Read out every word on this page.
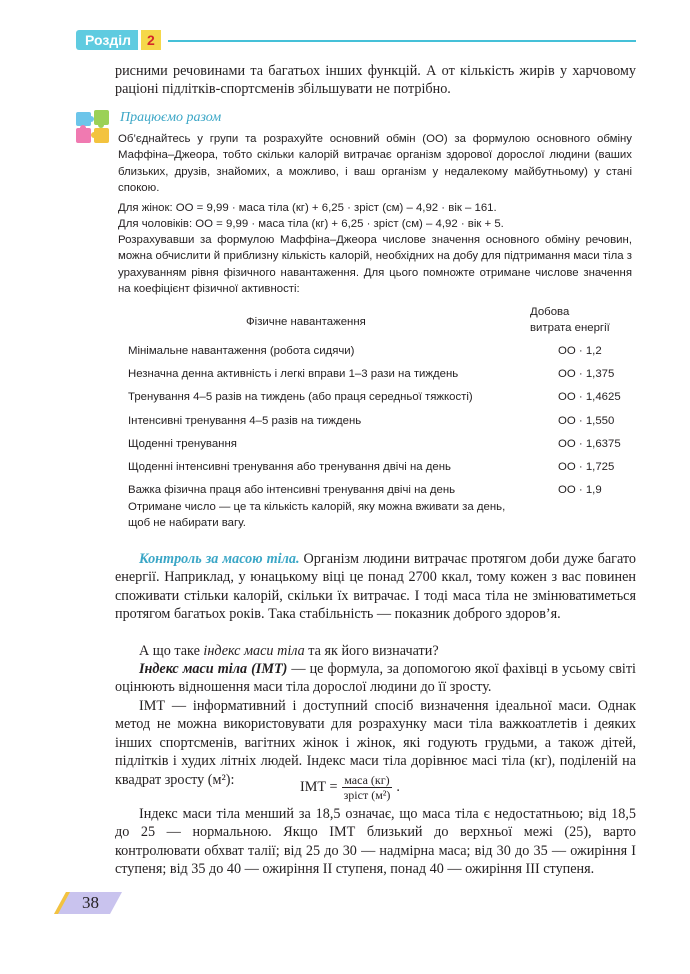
Розділ	2

рисними речовинами та багатьох інших функцій. А от кількість жирів у харчовому раціоні підлітків-спортсменів збільшувати не потрібно.

Працюємо разом

Об’єднайтесь у групи та розрахуйте основний обмін (ОО) за формулою основного обміну Маффіна–Джеора, тобто скільки калорій витрачає організм здорової дорослої людини (ваших близьких, друзів, знайомих, а можливо, і ваш організм у недалекому майбутньому) у стані спокою.

Для жінок: ОО = 9,99 · маса тіла (кг) + 6,25 · зріст (см) – 4,92 · вік – 161.

Для чоловіків: ОО = 9,99 · маса тіла (кг) + 6,25 · зріст (см) – 4,92 · вік + 5.

Розрахувавши за формулою Маффіна–Джеора числове значення основного обміну речовин, можна обчислити й приблизну кількість калорій, необхідних на добу для підтримання маси тіла з урахуванням рівня фізичного навантаження. Для цього помножте отримане числове значення на коефіцієнт фізичної активності:

Фізичне навантаження
Добова
витрата енергії
Мінімальне навантаження (робота сидячи)	ОО · 1,2
Незначна денна активність і легкі вправи 1–3 рази на тиждень	ОО · 1,375
Тренування 4–5 разів на тиждень (або праця середньої тяжкості)	ОО · 1,4625
Інтенсивні тренування 4–5 разів на тиждень	ОО · 1,550
Щоденні тренування	ОО · 1,6375
Щоденні інтенсивні тренування або тренування двічі на день	ОО · 1,725
Важка фізична праця або інтенсивні тренування двічі на день	ОО · 1,9

Отримане число — це та кількість калорій, яку можна вживати за день, щоб не набирати вагу.

Контроль за масою тіла. Організм людини витрачає протягом доби дуже багато енергії. Наприклад, у юнацькому віці це понад 2700 ккал, тому кожен з вас повинен споживати стільки калорій, скільки їх витрачає. І тоді маса тіла не змінюватиметься протягом багатьох років. Така стабільність — показник доброго здоров’я.

А що таке індекс маси тіла та як його визначати?

Індекс маси тіла (ІМТ) — це формула, за допомогою якої фахівці в усьому світі оцінюють відношення маси тіла дорослої людини до її зросту.

ІМТ — інформативний і доступний спосіб визначення ідеальної маси. Однак метод не можна використовувати для розрахунку маси тіла важкоатлетів і деяких інших спортсменів, вагітних жінок і жінок, які годують грудьми, а також дітей, підлітків і худих літніх людей. Індекс маси тіла дорівнює масі тіла (кг), поділеній на квадрат зросту (м²):	ІМТ = $\frac{\text{маса (кг)}}{\text{зріст (м²)}}$ .

Індекс маси тіла менший за 18,5 означає, що маса тіла є недостатньою; від 18,5 до 25 — нормальною. Якщо ІМТ близький до верхньої межі (25), варто контролювати обхват талії; від 25 до 30 — надмірна маса; від 30 до 35 — ожиріння І ступеня; від 35 до 40 — ожиріння ІІ ступеня, понад 40 — ожиріння ІІІ ступеня.

38
